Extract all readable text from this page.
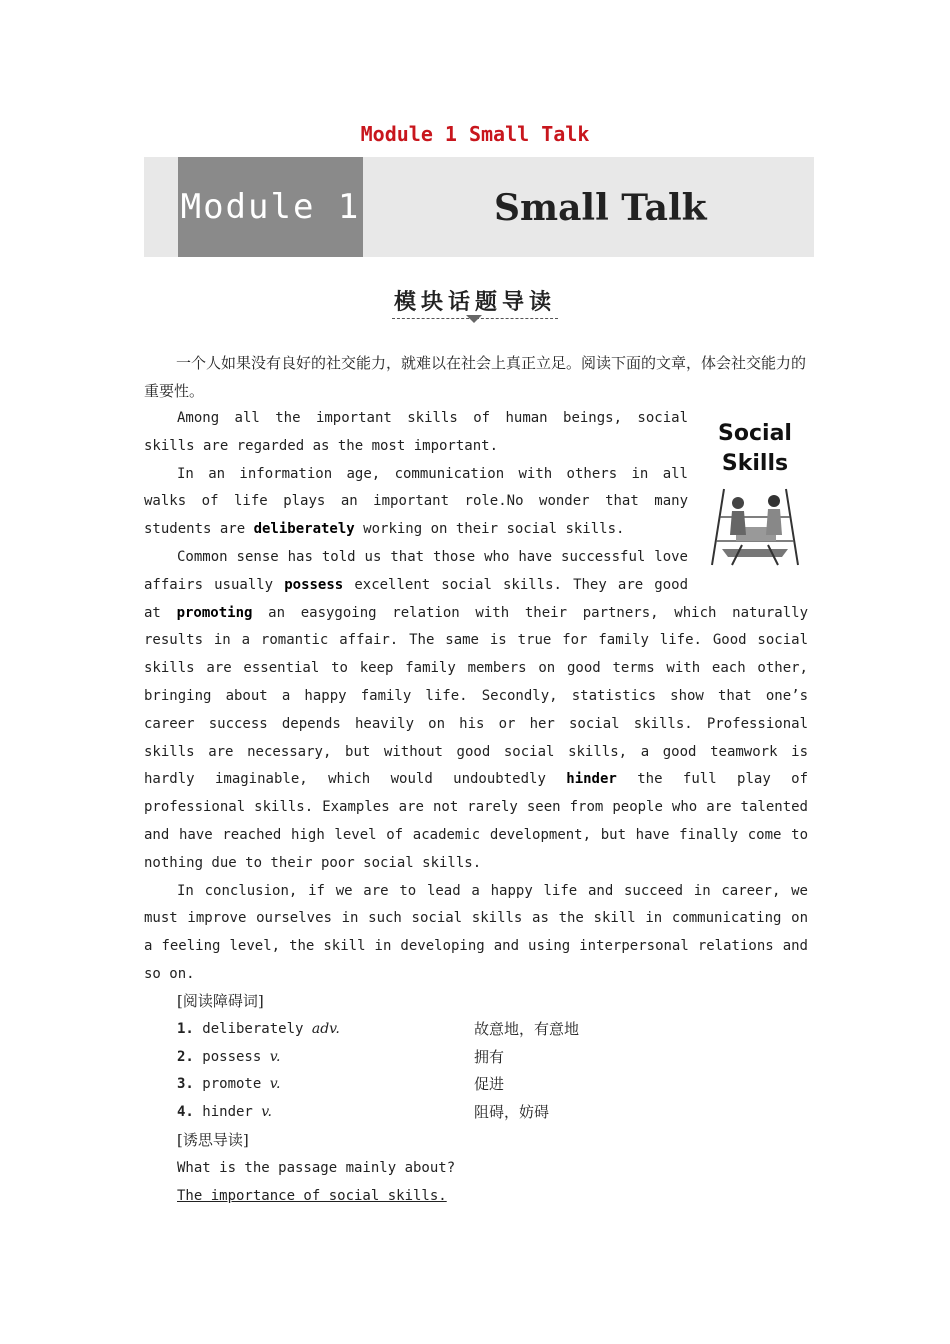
Module 1 Small Talk
Module 1	Small Talk
模块话题导读
一个人如果没有良好的社交能力，就难以在社会上真正立足。阅读下面的文章，体会社交能力的重要性。
Social Skills

Among all the important skills of human beings, social skills are regarded as the most important.

In an information age, communication with others in all walks of life plays an important role.No wonder that many students are deliberately working on their social skills.

Common sense has told us that those who have successful love affairs usually possess excellent social skills. They are good at promoting an easygoing relation with their partners, which naturally results in a romantic affair. The same is true for family life. Good social skills are essential to keep family members on good terms with each other, bringing about a happy family life. Secondly, statistics show that one’s career success depends heavily on his or her social skills. Professional skills are necessary, but without good social skills, a good teamwork is hardly imaginable, which would undoubtedly hinder the full play of professional skills. Examples are not rarely seen from people who are talented and have reached high level of academic development, but have finally come to nothing due to their poor social skills.

In conclusion, if we are to lead a happy life and succeed in career, we must improve ourselves in such social skills as the skill in communicating on a feeling level, the skill in developing and using interpersonal relations and so on.

[阅读障碍词]
1. deliberately adv.	故意地，有意地
2. possess v.	拥有
3. promote v.	促进
4. hinder v.	阻碍，妨碍
[诱思导读]
What is the passage mainly about?
The importance of social skills.
